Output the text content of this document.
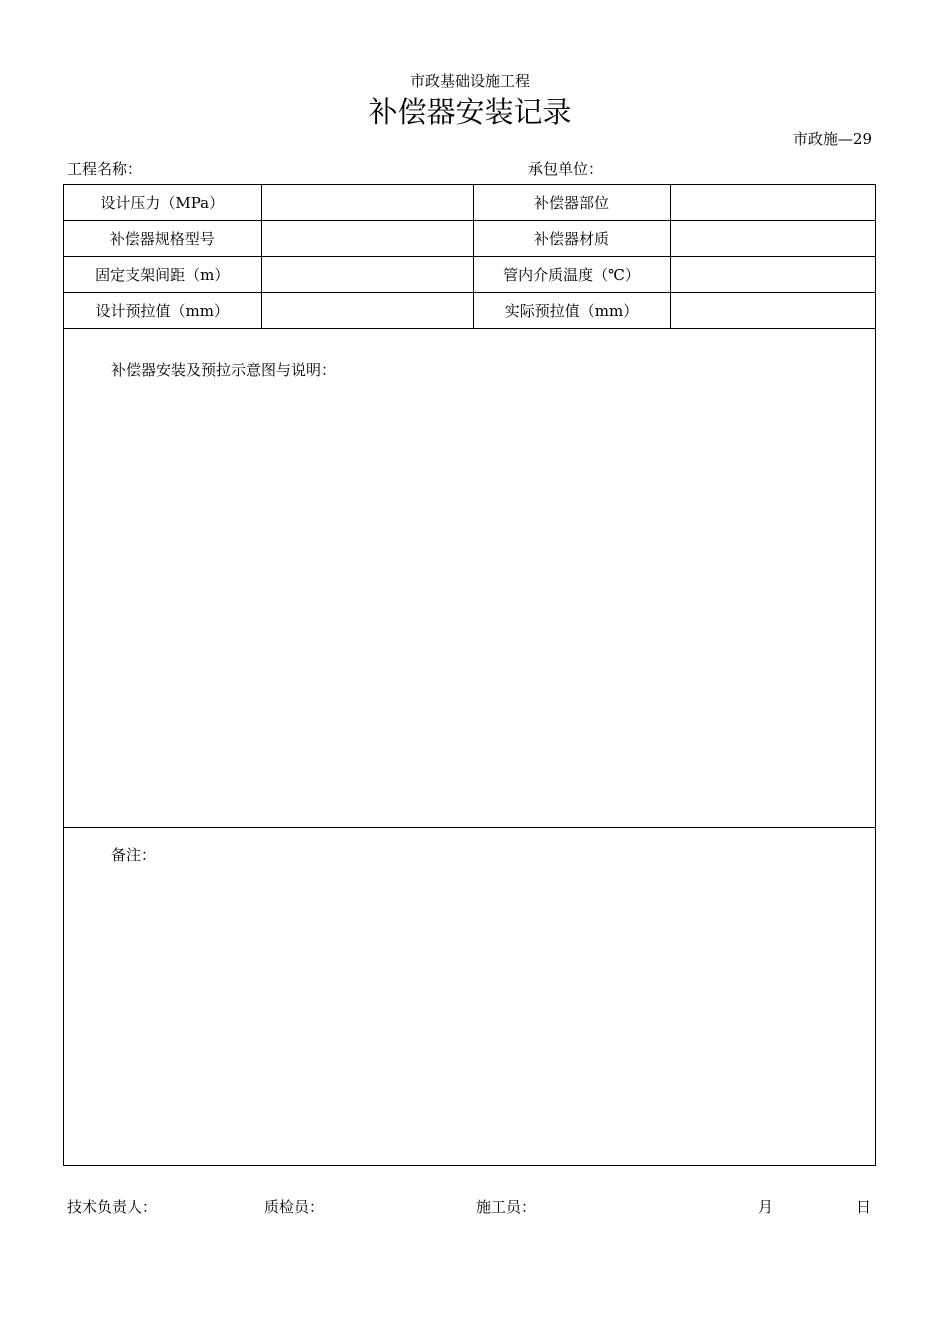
市政基础设施工程
补偿器安装记录
市政施—29
工程名称：	承包单位：
设计压力（MPa）		补偿器部位	
补偿器规格型号		补偿器材质	
固定支架间距（m）		管内介质温度（℃）	
设计预拉值（mm）		实际预拉值（mm）	
补偿器安装及预拉示意图与说明：
备注：
技术负责人：	质检员：	施工员：	月	日
